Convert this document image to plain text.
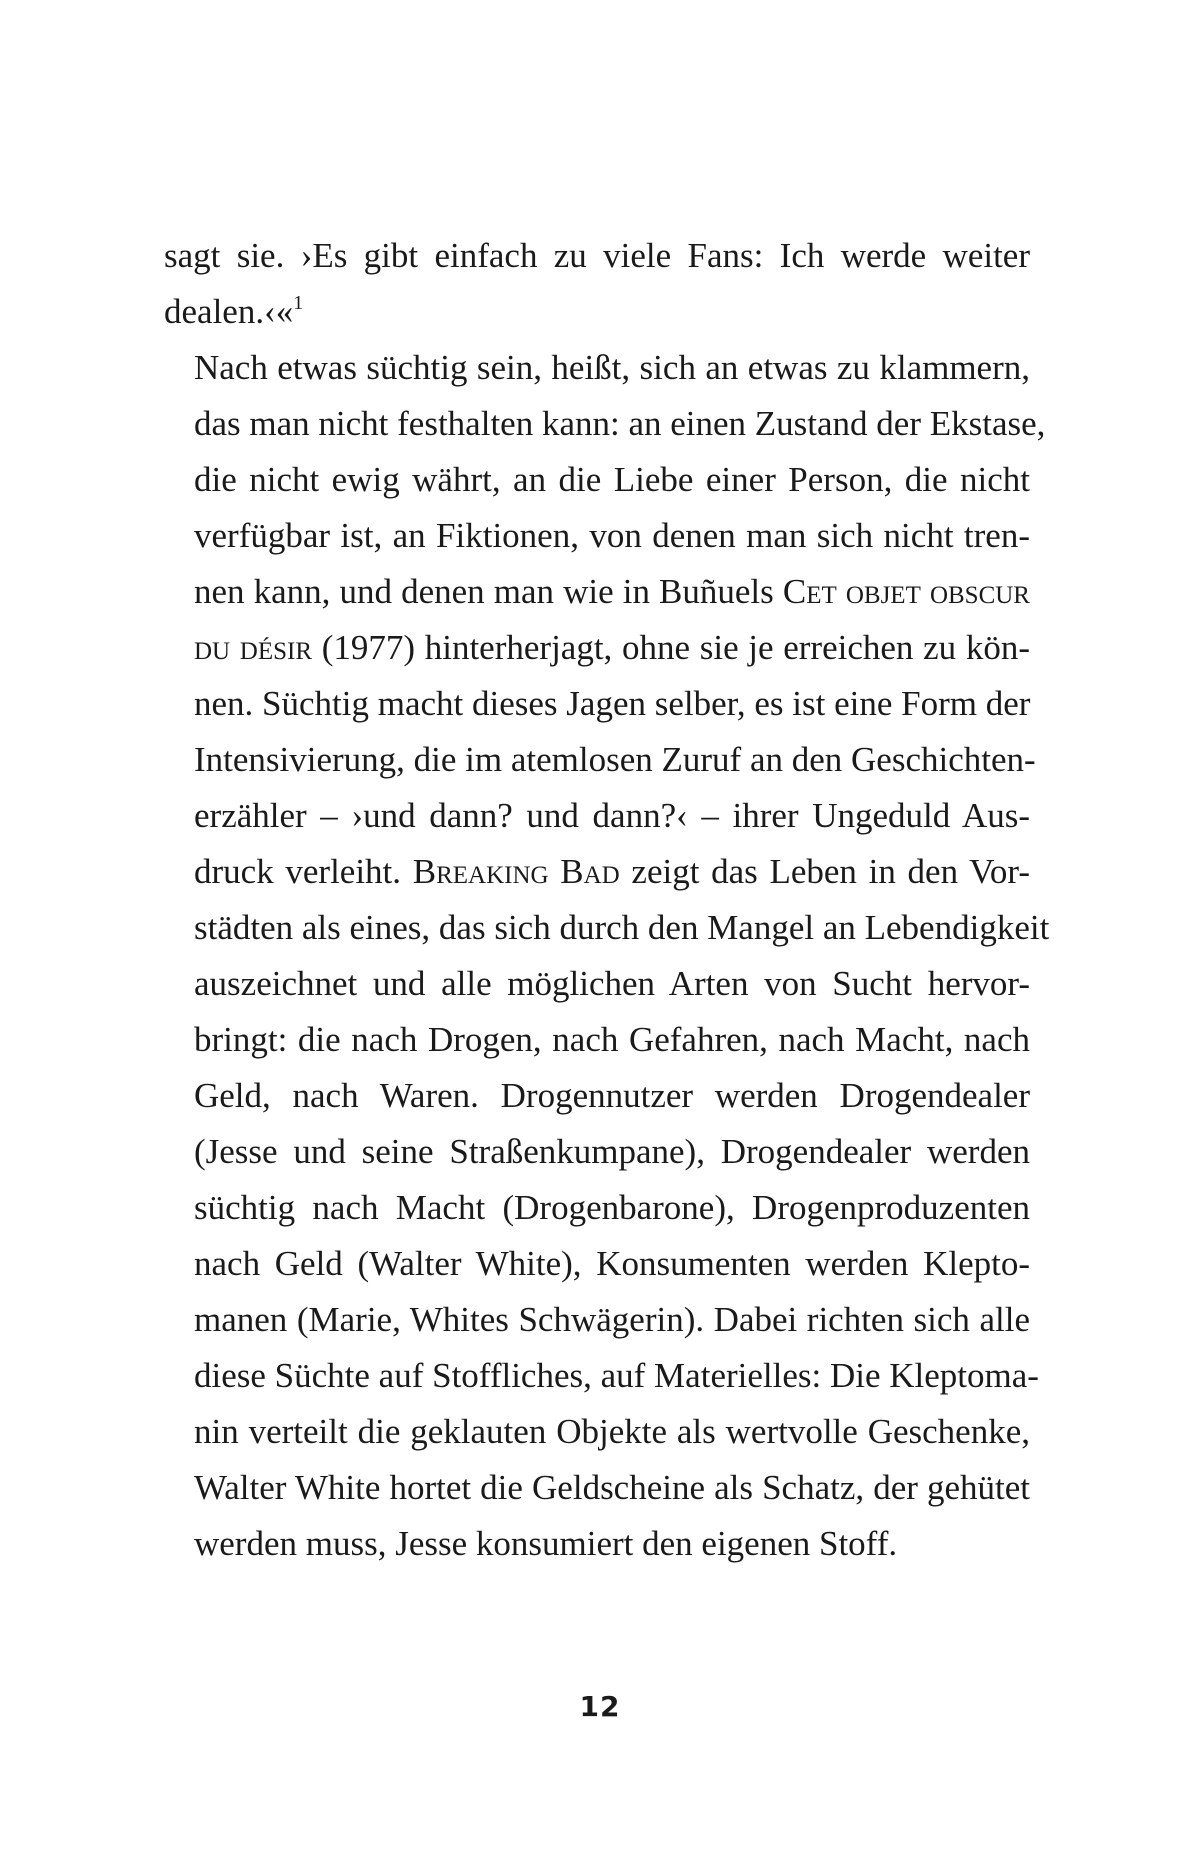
sagt sie. ›Es gibt einfach zu viele Fans: Ich werde weiter
dealen.‹«$^1$

Nach etwas süchtig sein, heißt, sich an etwas zu klammern,
das man nicht festhalten kann: an einen Zustand der Ekstase,
die nicht ewig währt, an die Liebe einer Person, die nicht
verfügbar ist, an Fiktionen, von denen man sich nicht tren-
nen kann, und denen man wie in Buñuels Cet objet obscur
du désir (1977) hinterherjagt, ohne sie je erreichen zu kön-
nen. Süchtig macht dieses Jagen selber, es ist eine Form der
Intensivierung, die im atemlosen Zuruf an den Geschichten-
erzähler – ›und dann? und dann?‹ – ihrer Ungeduld Aus-
druck verleiht. Breaking Bad zeigt das Leben in den Vor-
städten als eines, das sich durch den Mangel an Lebendigkeit
auszeichnet und alle möglichen Arten von Sucht hervor-
bringt: die nach Drogen, nach Gefahren, nach Macht, nach
Geld, nach Waren. Drogennutzer werden Drogendealer
(Jesse und seine Straßenkumpane), Drogendealer werden
süchtig nach Macht (Drogenbarone), Drogenproduzenten
nach Geld (Walter White), Konsumenten werden Klepto-
manen (Marie, Whites Schwägerin). Dabei richten sich alle
diese Süchte auf Stoffliches, auf Materielles: Die Kleptoma-
nin verteilt die geklauten Objekte als wertvolle Geschenke,
Walter White hortet die Geldscheine als Schatz, der gehütet
werden muss, Jesse konsumiert den eigenen Stoff.

12
